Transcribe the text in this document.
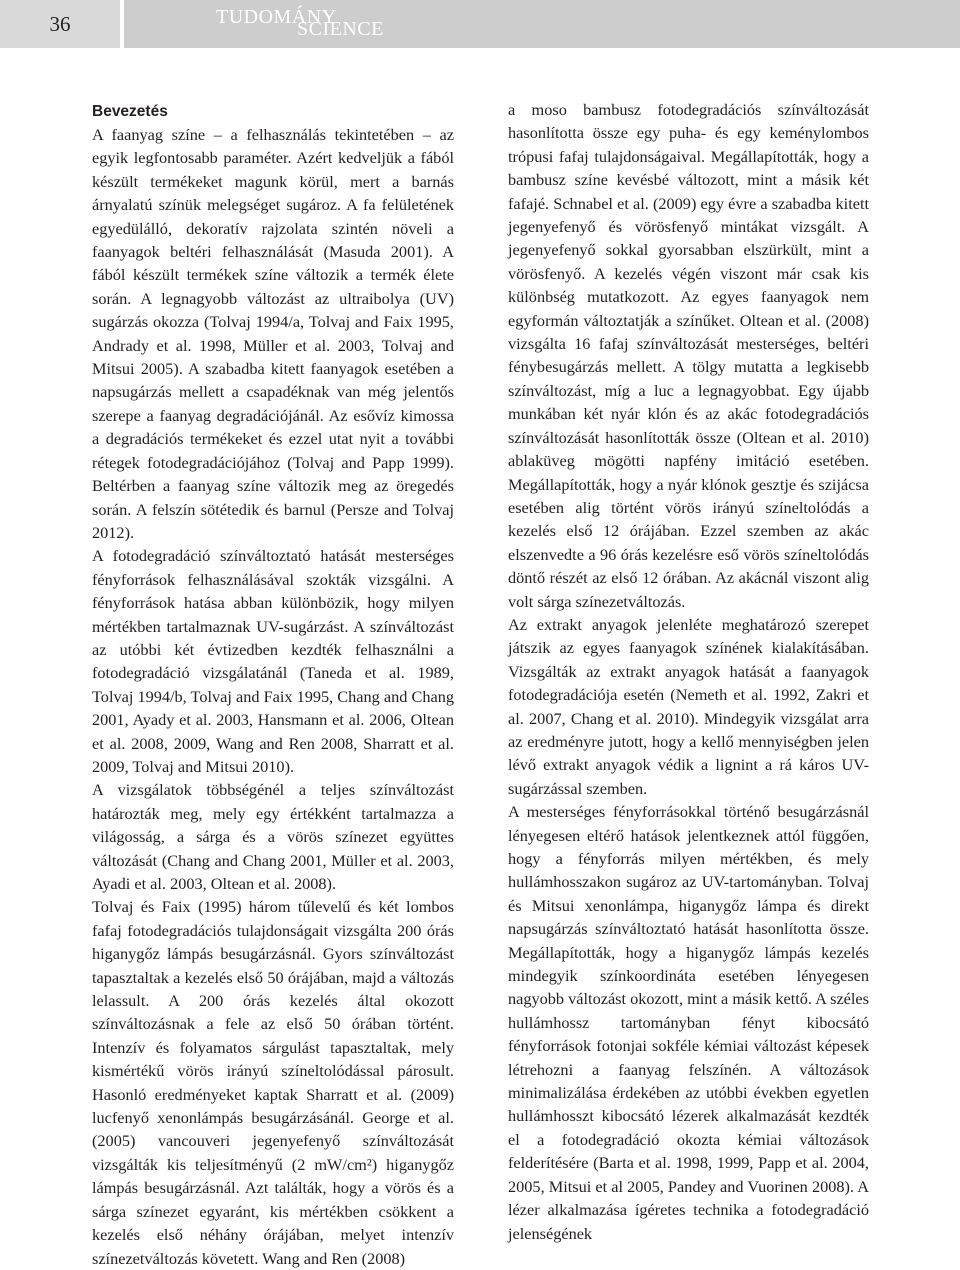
36	TUDOMÁNY
SCIENCE
Bevezetés

A faanyag színe – a felhasználás tekintetében – az egyik legfontosabb paraméter. Azért kedveljük a fából készült termékeket magunk körül, mert a barnás árnyalatú színük melegséget sugároz. A fa felületének egyedülálló, dekoratív rajzolata szintén növeli a faanyagok beltéri felhasználását (Masuda 2001). A fából készült termékek színe változik a termék élete során. A legnagyobb változást az ultraibolya (UV) sugárzás okozza (Tolvaj 1994/a, Tolvaj and Faix 1995, Andrady et al. 1998, Müller et al. 2003, Tolvaj and Mitsui 2005). A szabadba kitett faanyagok esetében a napsugárzás mellett a csapadéknak van még jelentős szerepe a faanyag degradációjánál. Az esővíz kimossa a degradációs termékeket és ezzel utat nyit a további rétegek fotodegradációjához (Tolvaj and Papp 1999). Beltérben a faanyag színe változik meg az öregedés során. A felszín sötétedik és barnul (Persze and Tolvaj 2012).

A fotodegradáció színváltoztató hatását mesterséges fényforrások felhasználásával szokták vizsgálni. A fényforrások hatása abban különbözik, hogy milyen mértékben tartalmaznak UV-sugárzást. A színváltozást az utóbbi két évtizedben kezdték felhasználni a fotodegradáció vizsgálatánál (Taneda et al. 1989, Tolvaj 1994/b, Tolvaj and Faix 1995, Chang and Chang 2001, Ayady et al. 2003, Hansmann et al. 2006, Oltean et al. 2008, 2009, Wang and Ren 2008, Sharratt et al. 2009, Tolvaj and Mitsui 2010).

A vizsgálatok többségénél a teljes színváltozást határozták meg, mely egy értékként tartalmazza a világosság, a sárga és a vörös színezet együttes változását (Chang and Chang 2001, Müller et al. 2003, Ayadi et al. 2003, Oltean et al. 2008).

Tolvaj és Faix (1995) három tűlevelű és két lombos fafaj fotodegradációs tulajdonságait vizsgálta 200 órás higanygőz lámpás besugárzásnál. Gyors színváltozást tapasztaltak a kezelés első 50 órájában, majd a változás lelassult. A 200 órás kezelés által okozott színváltozásnak a fele az első 50 órában történt. Intenzív és folyamatos sárgulást tapasztaltak, mely kismértékű vörös irányú színeltolódással párosult. Hasonló eredményeket kaptak Sharratt et al. (2009) lucfenyő xenonlámpás besugárzásánál. George et al. (2005) vancouveri jegenyefenyő színváltozását vizsgálták kis teljesítményű (2 mW/cm²) higanygőz lámpás besugárzásnál. Azt találták, hogy a vörös és a sárga színezet egyaránt, kis mértékben csökkent a kezelés első néhány órájában, melyet intenzív színezetváltozás követett. Wang and Ren (2008)

a moso bambusz fotodegradációs színváltozását hasonlította össze egy puha- és egy keménylombos trópusi fafaj tulajdonságaival. Megállapították, hogy a bambusz színe kevésbé változott, mint a másik két fafajé. Schnabel et al. (2009) egy évre a szabadba kitett jegenyefenyő és vörösfenyő mintákat vizsgált. A jegenyefenyő sokkal gyorsabban elszürkült, mint a vörösfenyő. A kezelés végén viszont már csak kis különbség mutatkozott. Az egyes faanyagok nem egyformán változtatják a színűket. Oltean et al. (2008) vizsgálta 16 fafaj színváltozását mesterséges, beltéri fénybesugárzás mellett. A tölgy mutatta a legkisebb színváltozást, míg a luc a legnagyobbat. Egy újabb munkában két nyár klón és az akác fotodegradációs színváltozását hasonlították össze (Oltean et al. 2010) ablaküveg mögötti napfény imitáció esetében. Megállapították, hogy a nyár klónok gesztje és szijácsa esetében alig történt vörös irányú színeltolódás a kezelés első 12 órájában. Ezzel szemben az akác elszenvedte a 96 órás kezelésre eső vörös színeltolódás döntő részét az első 12 órában. Az akácnál viszont alig volt sárga színezetváltozás.

Az extrakt anyagok jelenléte meghatározó szerepet játszik az egyes faanyagok színének kialakításában. Vizsgálták az extrakt anyagok hatását a faanyagok fotodegradációja esetén (Nemeth et al. 1992, Zakri et al. 2007, Chang et al. 2010). Mindegyik vizsgálat arra az eredményre jutott, hogy a kellő mennyiségben jelen lévő extrakt anyagok védik a lignint a rá káros UV-sugárzással szemben.

A mesterséges fényforrásokkal történő besugárzásnál lényegesen eltérő hatások jelentkeznek attól függően, hogy a fényforrás milyen mértékben, és mely hullámhosszakon sugároz az UV-tartományban. Tolvaj és Mitsui xenonlámpa, higanygőz lámpa és direkt napsugárzás színváltoztató hatását hasonlította össze. Megállapították, hogy a higanygőz lámpás kezelés mindegyik színkoordináta esetében lényegesen nagyobb változást okozott, mint a másik kettő. A széles hullámhossz tartományban fényt kibocsátó fényforrások fotonjai sokféle kémiai változást képesek létrehozni a faanyag felszínén. A változások minimalizálása érdekében az utóbbi években egyetlen hullámhosszt kibocsátó lézerek alkalmazását kezdték el a fotodegradáció okozta kémiai változások felderítésére (Barta et al. 1998, 1999, Papp et al. 2004, 2005, Mitsui et al 2005, Pandey and Vuorinen 2008). A lézer alkalmazása ígéretes technika a fotodegradáció jelenségének
